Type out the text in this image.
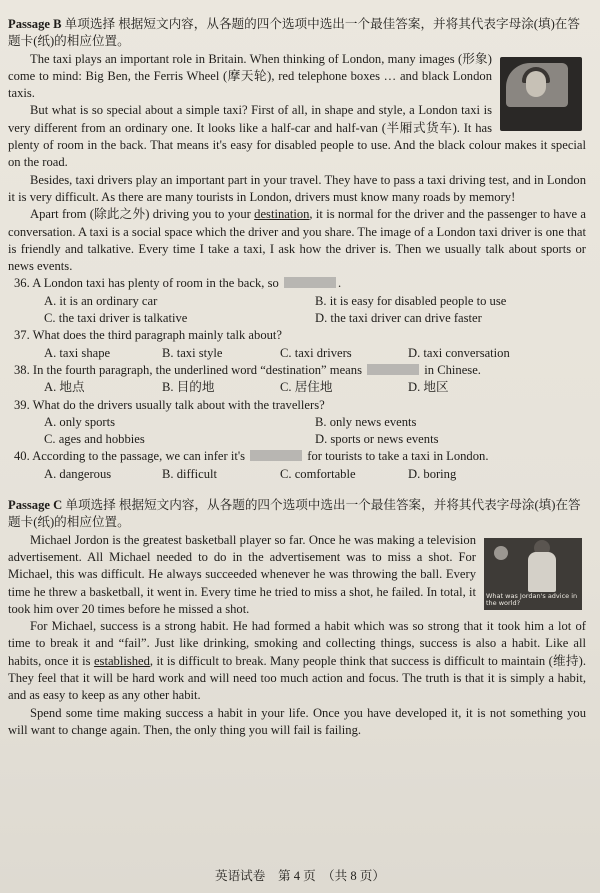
Passage B 单项选择 根据短文内容，从各题的四个选项中选出一个最佳答案，并将其代表字母涂(填)在答题卡(纸)的相应位置。

The taxi plays an important role in Britain. When thinking of London, many images (形象) come to mind: Big Ben, the Ferris Wheel (摩天轮), red telephone boxes … and black London taxis.

But what is so special about a simple taxi? First of all, in shape and style, a London taxi is very different from an ordinary one. It looks like a half-car and half-van (半厢式货车). It has plenty of room in the back. That means it's easy for disabled people to use. And the black colour makes it special on the road.

Besides, taxi drivers play an important part in your travel. They have to pass a taxi driving test, and in London it is very difficult. As there are many tourists in London, drivers must know many roads by memory!

Apart from (除此之外) driving you to your destination, it is normal for the driver and the passenger to have a conversation. A taxi is a social space which the driver and you share. The image of a London taxi driver is one that is friendly and talkative. Every time I take a taxi, I ask how the driver is. Then we usually talk about sports or news events.

36. A London taxi has plenty of room in the back, so	.
A. it is an ordinary car	B. it is easy for disabled people to use
C. the taxi driver is talkative	D. the taxi driver can drive faster
37. What does the third paragraph mainly talk about?
A. taxi shape	B. taxi style	C. taxi drivers	D. taxi conversation
38. In the fourth paragraph, the underlined word “destination” means	in Chinese.
A. 地点	B. 目的地	C. 居住地	D. 地区
39. What do the drivers usually talk about with the travellers?
A. only sports	B. only news events
C. ages and hobbies	D. sports or news events
40. According to the passage, we can infer it's	for tourists to take a taxi in London.
A. dangerous	B. difficult	C. comfortable	D. boring
Passage C 单项选择 根据短文内容，从各题的四个选项中选出一个最佳答案，并将其代表字母涂(填)在答题卡(纸)的相应位置。
What was Jordan's advice in the world?

Michael Jordon is the greatest basketball player so far. Once he was making a television advertisement. All Michael needed to do in the advertisement was to miss a shot. For Michael, this was difficult. He always succeeded whenever he was throwing the ball. Every time he threw a basketball, it went in. Every time he tried to miss a shot, he failed. In total, it took him over 20 times before he missed a shot.

For Michael, success is a strong habit. He had formed a habit which was so strong that it took him a lot of time to break it and “fail”. Just like drinking, smoking and collecting things, success is also a habit. Like all habits, once it is established, it is difficult to break. Many people think that success is difficult to maintain (维持). They feel that it will be hard work and will need too much action and focus. The truth is that it is simply a habit, and as easy to keep as any other habit.

Spend some time making success a habit in your life. Once you have developed it, it is not something you will want to change again. Then, the only thing you will fail is failing.

英语试卷　第 4 页　（共 8 页）
